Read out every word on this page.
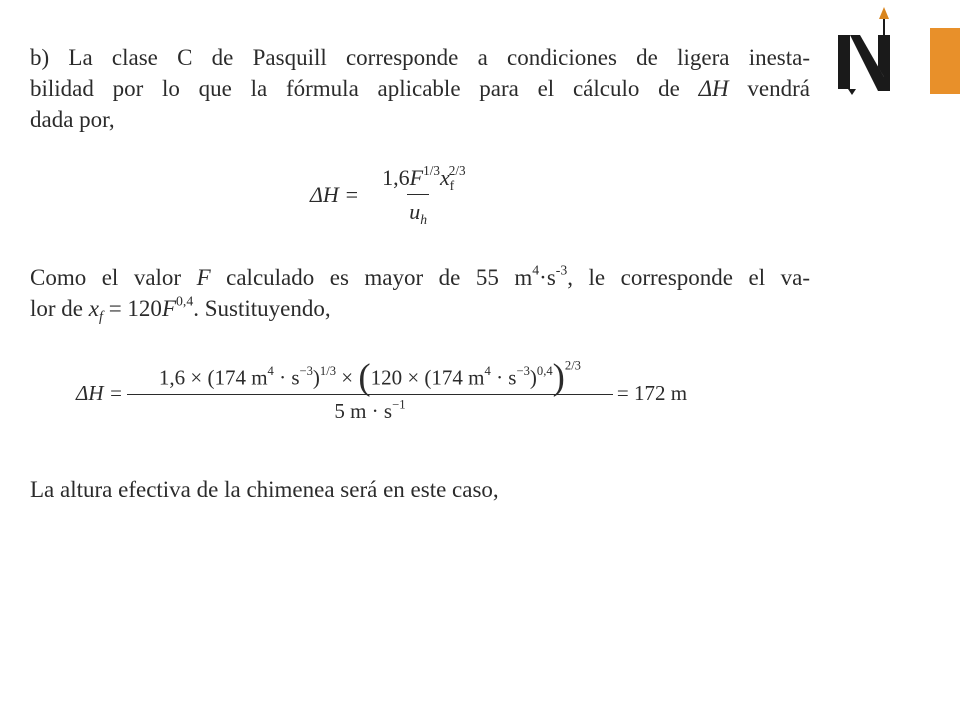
b) La clase C de Pasquill corresponde a condiciones de ligera inesta-
bilidad por lo que la fórmula aplicable para el cálculo de ΔH vendrá
dada por,

$\Delta H = \frac{1,6F^{1/3}x^{2/3}_f}{u_h}$

Como el valor F calculado es mayor de 55 $m^4\cdot s^{-3}$, le corresponde el va-
lor de $x_f = 120F^{0,4}$. Sustituyendo,

$\Delta H = \frac{1,6 \times (174 m^4 \cdot s^{-3})^{1/3} \times (120 \times (174 m^4 \cdot s^{-3})^{0,4})^{2/3}}{5 m \cdot s^{-1}} = 172$ m

La altura efectiva de la chimenea será en este caso,
